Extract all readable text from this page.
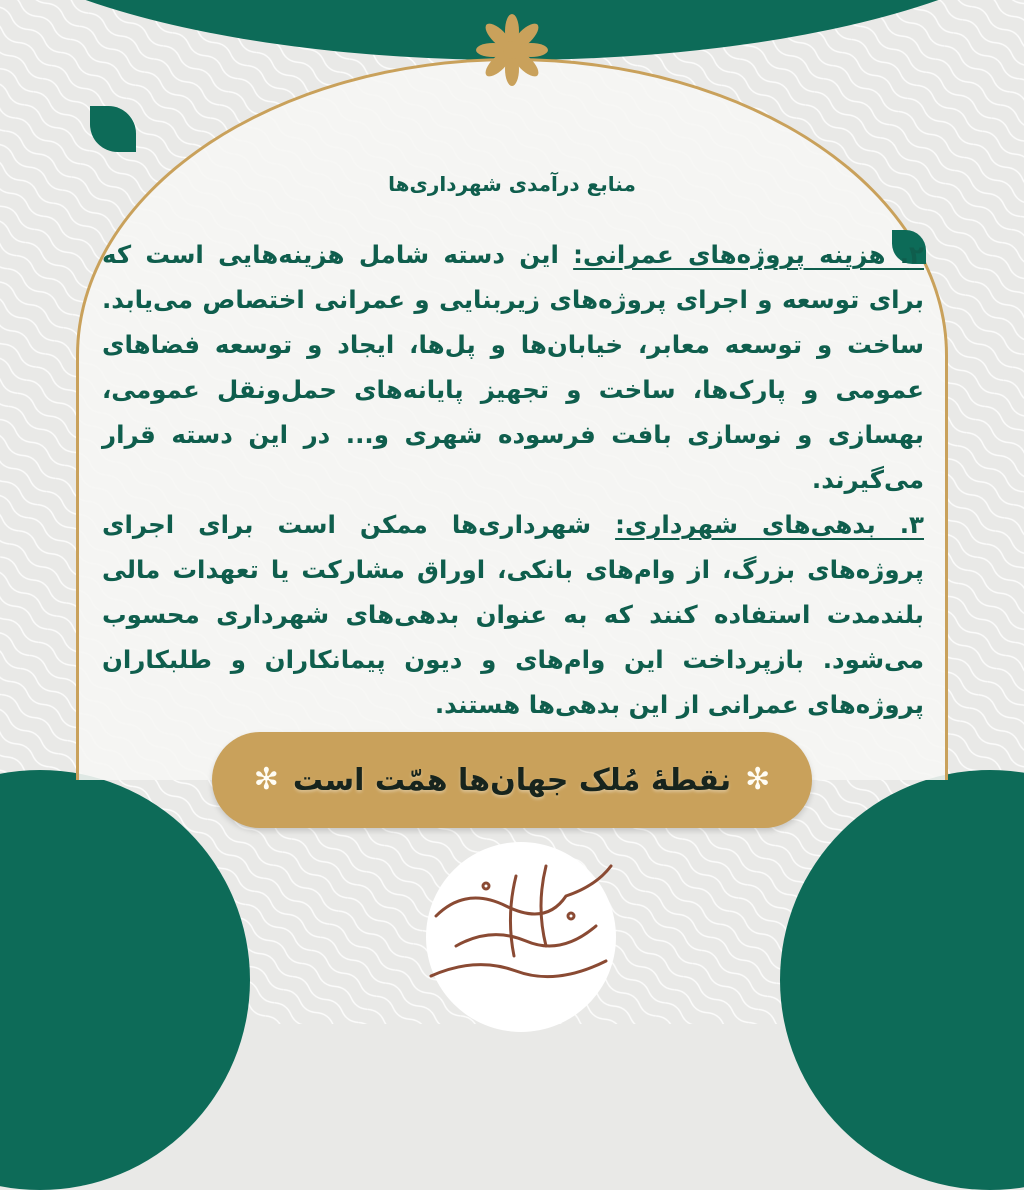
منابع درآمدی شهرداری‌ها

۲. هزینه پروژه‌های عمرانی: این دسته شامل هزینه‌هایی است که برای توسعه و اجرای پروژه‌های زیربنایی و عمرانی اختصاص می‌یابد. ساخت و توسعه معابر، خیابان‌ها و پل‌ها، ایجاد و توسعه فضاهای عمومی و پارک‌ها، ساخت و تجهیز پایانه‌های حمل‌ونقل عمومی، بهسازی و نوسازی بافت فرسوده شهری و... در این دسته قرار می‌گیرند.

۳. بدهی‌های شهرداری: شهرداری‌ها ممکن است برای اجرای پروژه‌های بزرگ، از وام‌های بانکی، اوراق مشارکت یا تعهدات مالی بلندمدت استفاده کنند که به عنوان بدهی‌های شهرداری محسوب می‌شود. بازپرداخت این وام‌های و دیون پیمانکاران و طلبکاران پروژه‌های عمرانی از این بدهی‌ها هستند.

✻
نقطهٔ مُلک جهان‌ها همّت است
✻
